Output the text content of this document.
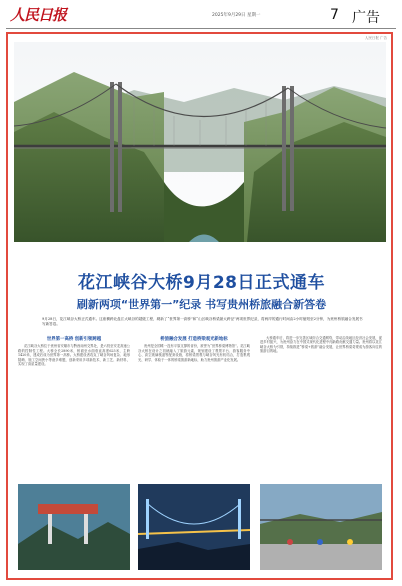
人民日报	2025年9月29日 星期一	7 广告
人民日报 广告
花江峡谷大桥9月28日正式通车
刷新两项“世界第一”纪录 书写贵州桥旅融合新答卷
9月28日，花江峡谷大桥正式通车。这座横跨北盘江大峡谷的超级工程，刷新了“世界第一高桥”和“山区峡谷桥梁最大跨径”两项世界纪录，将两岸的通行时间由2小时缩短至2分钟，为贵州桥旅融合发展书写新答卷。
世界第一高桥 创新引领跨越

花江峡谷大桥位于贵州省安顺市与黔西南州交界处，是六枝至安龙高速公路的控制性工程。大桥全长2890米，桥面至水面垂直高度625米，主跨1420米，建成后成为世界第一高桥。大桥建设者攻克了峡谷风场复杂、地形陡峭、施工空间狭小等诸多难题，创新采用多项新技术、新工艺、新材料，实现了高质量建设。

桥旅融合发展 打造桥梁观光新地标

贵州是全国唯一没有平原支撑的省份，被誉为“世界桥梁博物馆”。花江峡谷大桥在设计之初就融入了旅游元素，规划建设了观景平台、游客服务中心、高空玻璃栈道等配套设施，将桥梁景观与峡谷风光有机结合，打造集观光、研学、体验于一体的桥梁旅游新地标，助力贵州旅游产业化发展。

大桥通车后，将进一步完善区域综合交通网络，带动沿线地区经济社会发展，促进乡村振兴，为贵州奋力在中国式现代化进程中闯新路贡献交通力量。贵州将以花江峡谷大桥为引领，持续推进“桥梁+旅游”融合发展，让世界桥梁奇观成为游客向往的旅游目的地。
